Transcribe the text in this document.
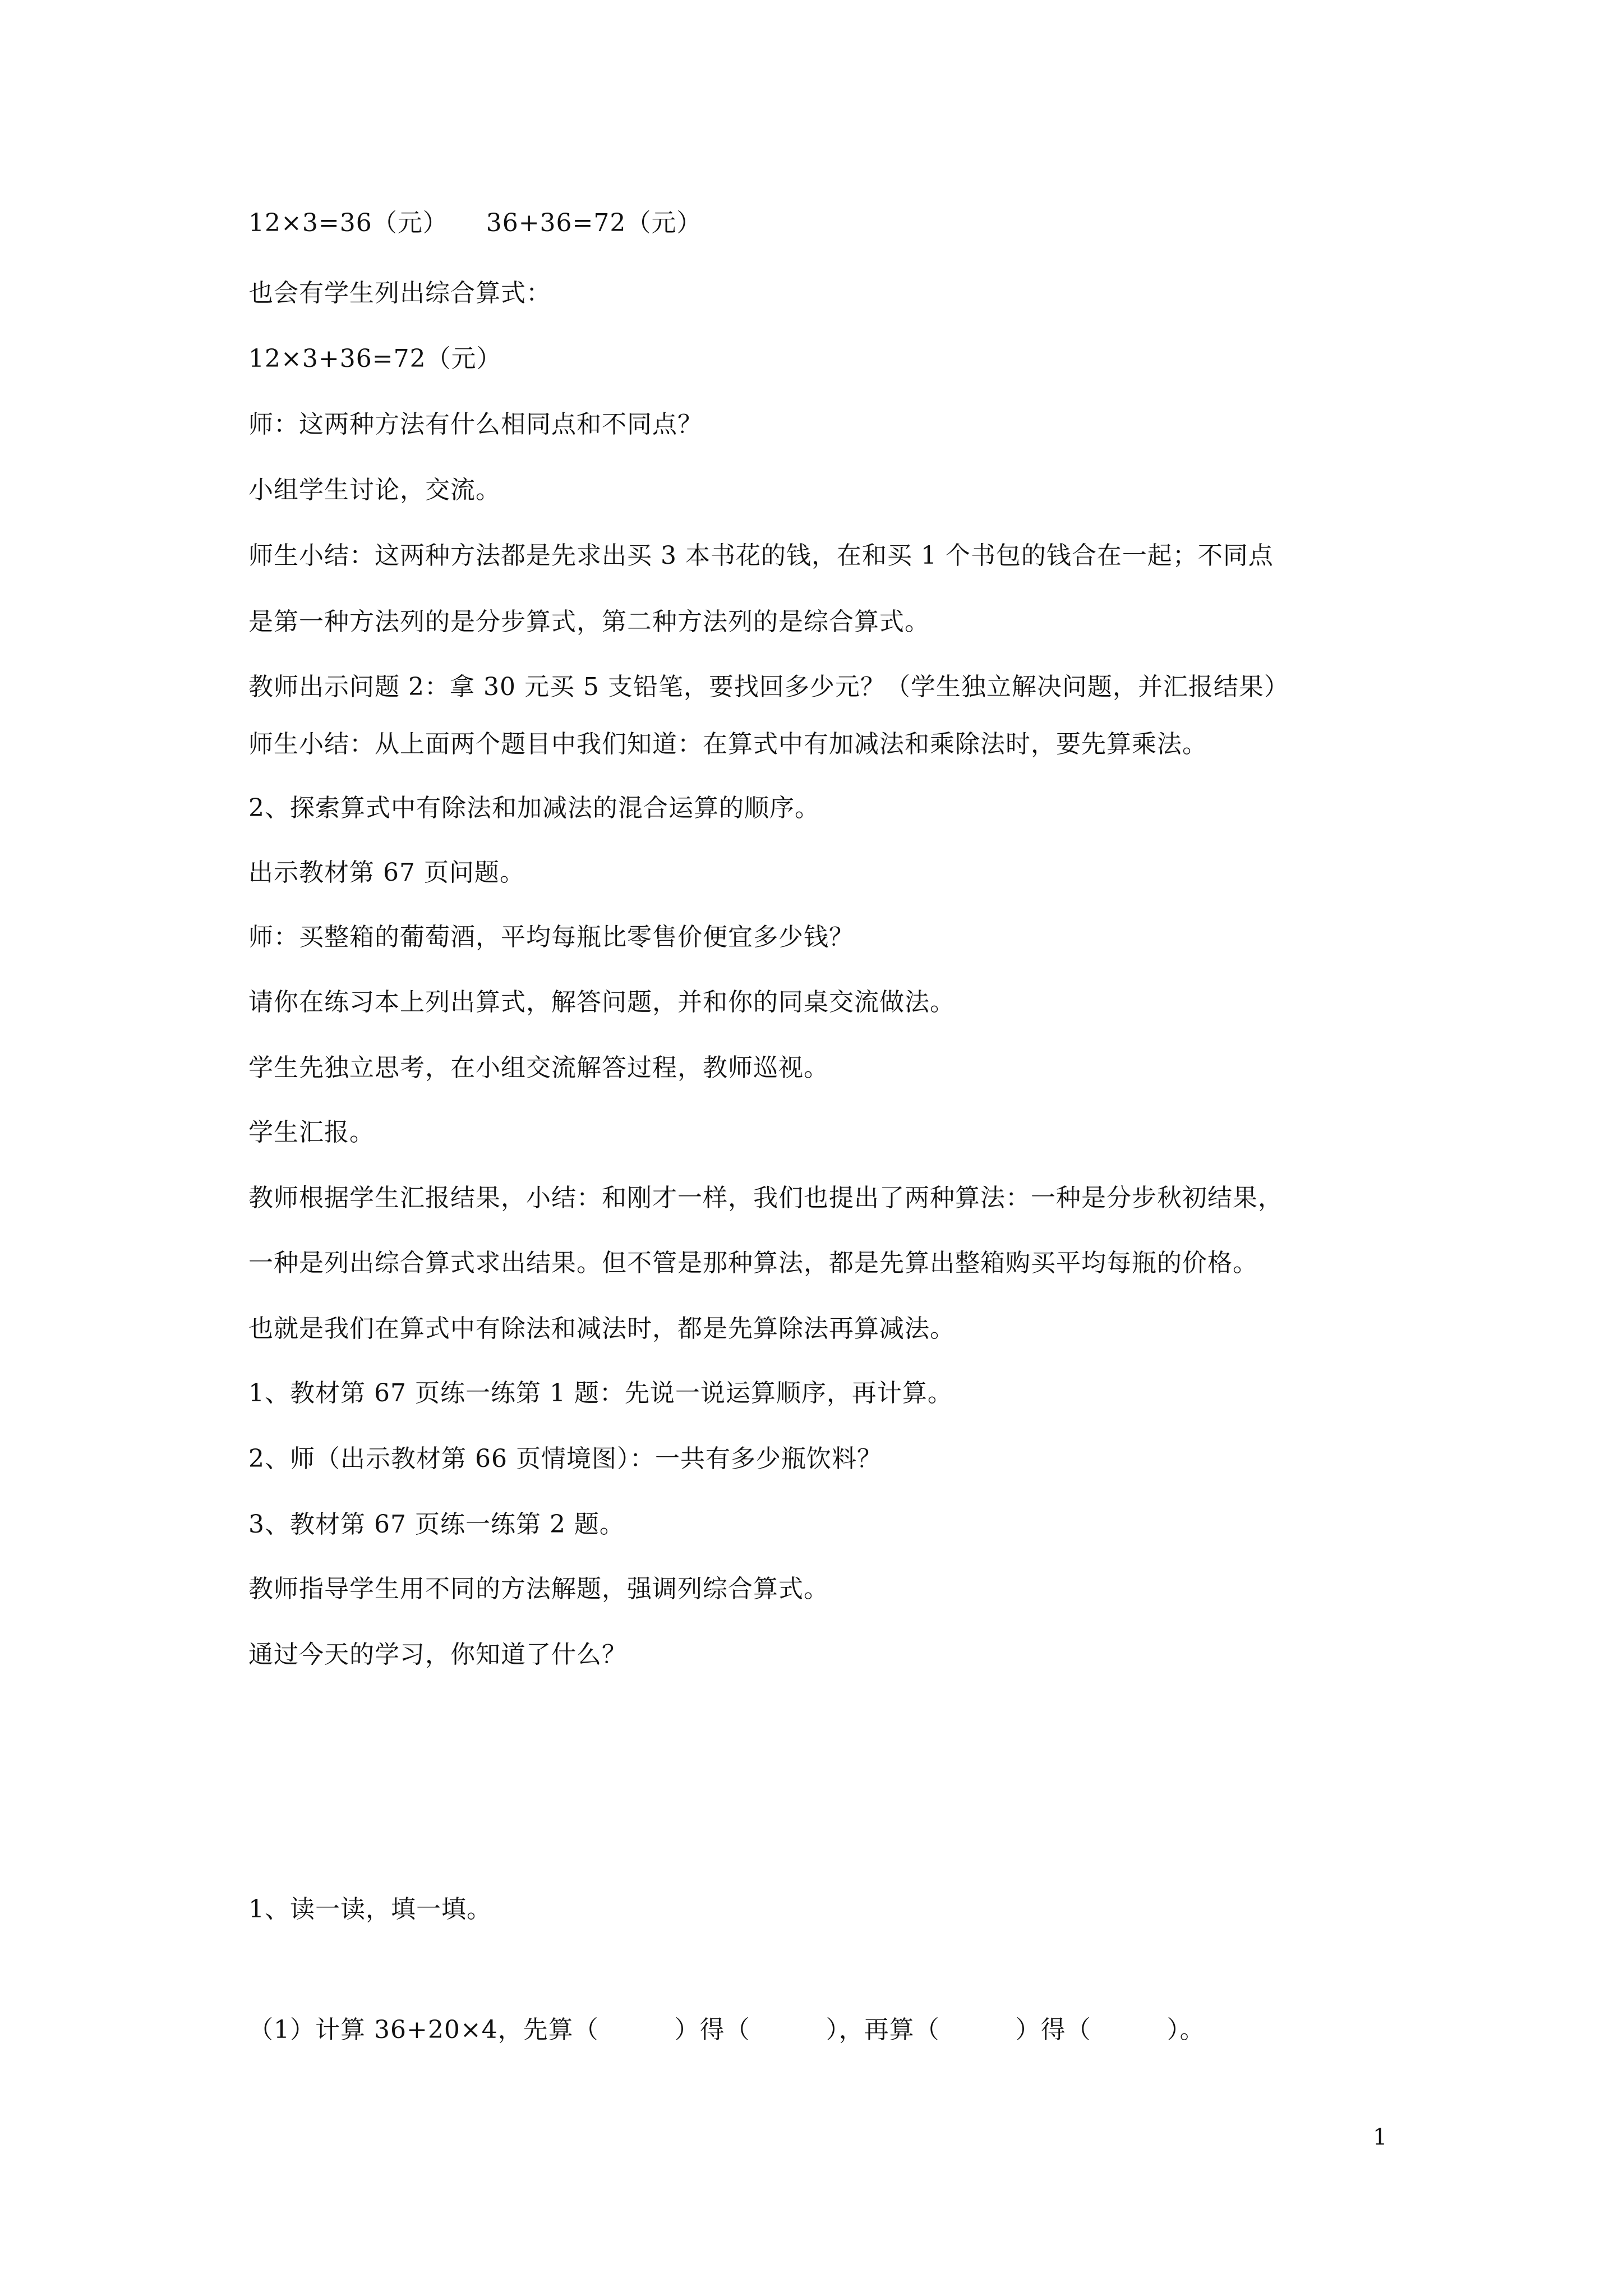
12×3=36（元）　　36+36=72（元）
也会有学生列出综合算式：
12×3+36=72（元）
师：这两种方法有什么相同点和不同点？
小组学生讨论，交流。
师生小结：这两种方法都是先求出买 3 本书花的钱，在和买 1 个书包的钱合在一起；不同点
是第一种方法列的是分步算式，第二种方法列的是综合算式。
教师出示问题 2：拿 30 元买 5 支铅笔，要找回多少元？（学生独立解决问题，并汇报结果）
师生小结：从上面两个题目中我们知道：在算式中有加减法和乘除法时，要先算乘法。
2、探索算式中有除法和加减法的混合运算的顺序。
出示教材第 67 页问题。
师：买整箱的葡萄酒，平均每瓶比零售价便宜多少钱？
请你在练习本上列出算式，解答问题，并和你的同桌交流做法。
学生先独立思考，在小组交流解答过程，教师巡视。
学生汇报。
教师根据学生汇报结果，小结：和刚才一样，我们也提出了两种算法：一种是分步秋初结果，
一种是列出综合算式求出结果。但不管是那种算法，都是先算出整箱购买平均每瓶的价格。
也就是我们在算式中有除法和减法时，都是先算除法再算减法。
1、教材第 67 页练一练第 1 题：先说一说运算顺序，再计算。
2、师（出示教材第 66 页情境图）：一共有多少瓶饮料？
3、教材第 67 页练一练第 2 题。
教师指导学生用不同的方法解题，强调列综合算式。
通过今天的学习，你知道了什么？
1、读一读，填一填。
（1）计算 36+20×4，先算（　　　）得（　　　），再算（　　　）得（　　　）。
1
